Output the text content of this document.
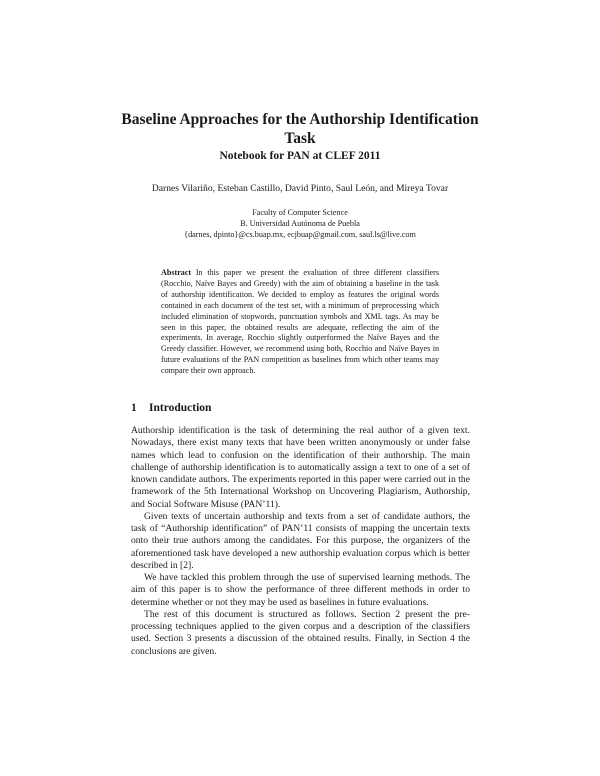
Baseline Approaches for the Authorship Identification Task
Notebook for PAN at CLEF 2011
Darnes Vilariño, Esteban Castillo, David Pinto, Saul León, and Mireya Tovar
Faculty of Computer Science
B. Universidad Autónoma de Puebla
{darnes, dpinto}@cs.buap.mx, ecjbuap@gmail.com, saul.ls@live.com
Abstract In this paper we present the evaluation of three different classifiers (Rocchio, Naïve Bayes and Greedy) with the aim of obtaining a baseline in the task of authorship identification. We decided to employ as features the original words contained in each document of the test set, with a minimum of preprocessing which included elimination of stopwords, punctuation symbols and XML tags. As may be seen in this paper, the obtained results are adequate, reflecting the aim of the experiments. In average, Rocchio slightly outperformed the Naïve Bayes and the Greedy classifier. However, we recommend using both, Rocchio and Naïve Bayes in future evaluations of the PAN competition as baselines from which other teams may compare their own approach.
1 Introduction

Authorship identification is the task of determining the real author of a given text. Nowadays, there exist many texts that have been written anonymously or under false names which lead to confusion on the identification of their authorship. The main challenge of authorship identification is to automatically assign a text to one of a set of known candidate authors. The experiments reported in this paper were carried out in the framework of the 5th International Workshop on Uncovering Plagiarism, Authorship, and Social Software Misuse (PAN’11).

Given texts of uncertain authorship and texts from a set of candidate authors, the task of “Authorship identification” of PAN’11 consists of mapping the uncertain texts onto their true authors among the candidates. For this purpose, the organizers of the aforementioned task have developed a new authorship evaluation corpus which is better described in [2].

We have tackled this problem through the use of supervised learning methods. The aim of this paper is to show the performance of three different methods in order to determine whether or not they may be used as baselines in future evaluations.

The rest of this document is structured as follows. Section 2 present the pre-processing techniques applied to the given corpus and a description of the classifiers used. Section 3 presents a discussion of the obtained results. Finally, in Section 4 the conclusions are given.
